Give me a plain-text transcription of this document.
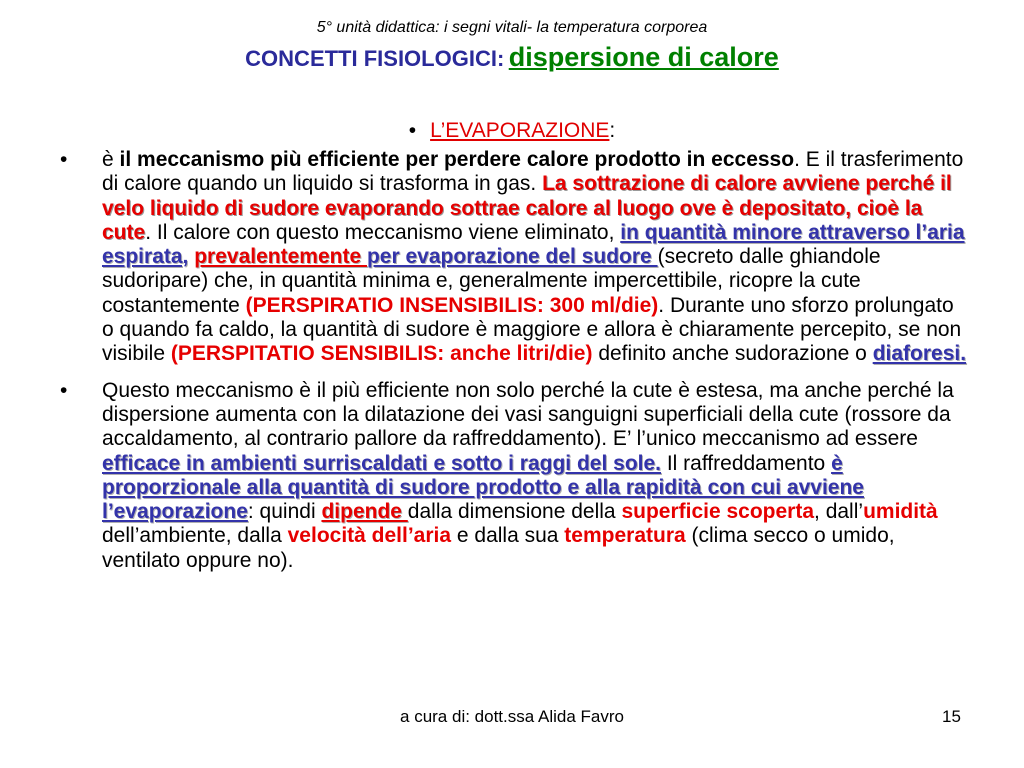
5° unità didattica: i segni vitali- la temperatura corporea
CONCETTI FISIOLOGICI: dispersione di calore
• L’EVAPORAZIONE:
• è il meccanismo più efficiente per perdere calore prodotto in eccesso. E il trasferimento di calore quando un liquido si trasforma in gas. La sottrazione di calore avviene perché il velo liquido di sudore evaporando sottrae calore al luogo ove è depositato, cioè la cute. Il calore con questo meccanismo viene eliminato, in quantità minore attraverso l’aria espirata, prevalentemente per evaporazione del sudore (secreto dalle ghiandole sudoripare) che, in quantità minima e, generalmente impercettibile, ricopre la cute costantemente (PERSPIRATIO INSENSIBILIS: 300 ml/die). Durante uno sforzo prolungato o quando fa caldo, la quantità di sudore è maggiore e allora è chiaramente percepito, se non visibile (PERSPITATIO SENSIBILIS: anche litri/die) definito anche sudorazione o diaforesi.
• Questo meccanismo è il più efficiente non solo perché la cute è estesa, ma anche perché la dispersione aumenta con la dilatazione dei vasi sanguigni superficiali della cute (rossore da accaldamento, al contrario pallore da raffreddamento). E’ l’unico meccanismo ad essere efficace in ambienti surriscaldati e sotto i raggi del sole. Il raffreddamento è proporzionale alla quantità di sudore prodotto e alla rapidità con cui avviene l’evaporazione: quindi dipende dalla dimensione della superficie scoperta, dall’umidità dell’ambiente, dalla velocità dell’aria e dalla sua temperatura (clima secco o umido, ventilato oppure no).
a cura di: dott.ssa Alida Favro	15
